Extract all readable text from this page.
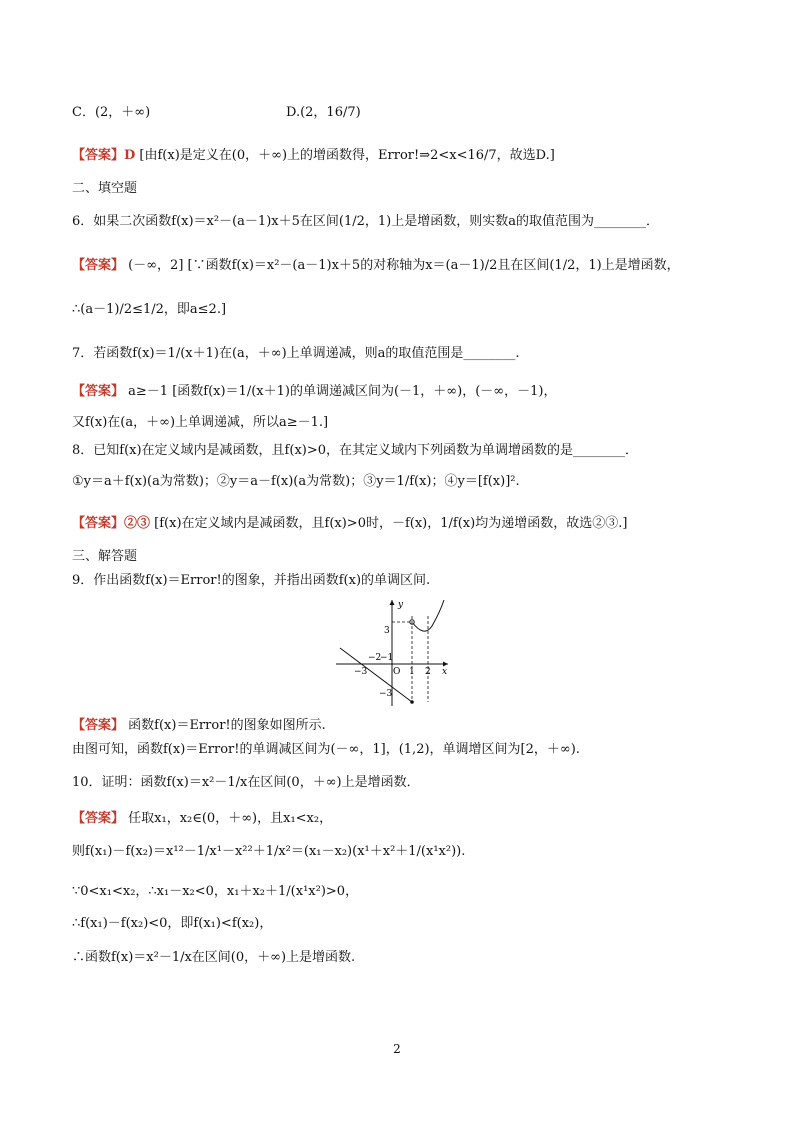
C．(2，＋∞)	D.(2，16/7)
【答案】D [由f(x)是定义在(0，＋∞)上的增函数得，Error!⇒2<x<16/7，故选D.]
二、填空题
6．如果二次函数f(x)＝x²－(a－1)x＋5在区间(1/2，1)上是增函数，则实数a的取值范围为________．
【答案】 (－∞，2] [∵函数f(x)＝x²－(a－1)x＋5的对称轴为x＝(a－1)/2且在区间(1/2，1)上是增函数，
∴(a－1)/2≤1/2，即a≤2.]
7．若函数f(x)＝1/(x＋1)在(a，＋∞)上单调递减，则a的取值范围是________.
【答案】 a≥－1 [函数f(x)＝1/(x＋1)的单调递减区间为(－1，＋∞)，(－∞，－1)，
又f(x)在(a，＋∞)上单调递减，所以a≥－1.]
8．已知f(x)在定义域内是减函数，且f(x)>0，在其定义域内下列函数为单调增函数的是________．
①y＝a＋f(x)(a为常数)；②y＝a－f(x)(a为常数)；③y＝1/f(x)；④y＝[f(x)]².
【答案】②③ [f(x)在定义域内是减函数，且f(x)>0时，－f(x)，1/f(x)均为递增函数，故选②③.]
三、解答题
9．作出函数f(x)＝Error!的图象，并指出函数f(x)的单调区间.
y
x
O
−3
−2
−1
1 2
3
−3
【答案】 函数f(x)＝Error!的图象如图所示.
由图可知，函数f(x)＝Error!的单调减区间为(－∞，1]，(1,2)，单调增区间为[2，＋∞).
10．证明：函数f(x)＝x²－1/x在区间(0，＋∞)上是增函数．
【答案】 任取x₁，x₂∈(0，＋∞)，且x₁<x₂，
则f(x₁)－f(x₂)＝x¹²－1/x¹－x²²＋1/x²＝(x₁－x₂)(x¹＋x²＋1/(x¹x²)).
∵0<x₁<x₂，∴x₁－x₂<0，x₁＋x₂＋1/(x¹x²)>0，
∴f(x₁)－f(x₂)<0，即f(x₁)<f(x₂)，
∴函数f(x)＝x²－1/x在区间(0，＋∞)上是增函数.
2
